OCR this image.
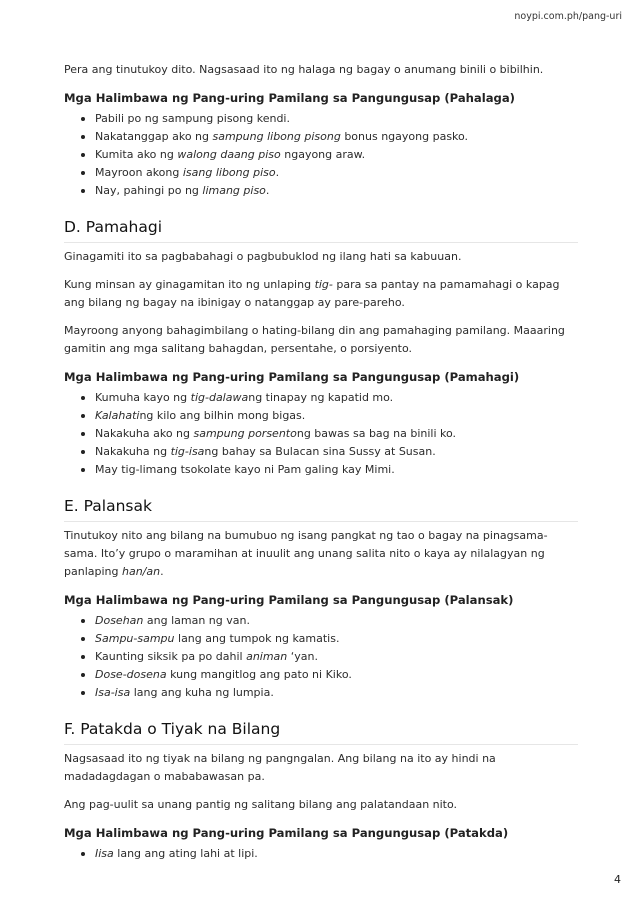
noypi.com.ph/pang-uri

Pera ang tinutukoy dito. Nagsasaad ito ng halaga ng bagay o anumang binili o bibilhin.

Mga Halimbawa ng Pang-uring Pamilang sa Pangungusap (Pahalaga)
Pabili po ng sampung pisong kendi.
Nakatanggap ako ng sampung libong pisong bonus ngayong pasko.
Kumita ako ng walong daang piso ngayong araw.
Mayroon akong isang libong piso.
Nay, pahingi po ng limang piso.
D. Pamahagi

Ginagamiti ito sa pagbabahagi o pagbubuklod ng ilang hati sa kabuuan.

Kung minsan ay ginagamitan ito ng unlaping tig- para sa pantay na pamamahagi o kapag ang bilang ng bagay na ibinigay o natanggap ay pare-pareho.

Mayroong anyong bahagimbilang o hating-bilang din ang pamahaging pamilang. Maaaring gamitin ang mga salitang bahagdan, persentahe, o porsiyento.

Mga Halimbawa ng Pang-uring Pamilang sa Pangungusap (Pamahagi)
Kumuha kayo ng tig-dalawang tinapay ng kapatid mo.
Kalahating kilo ang bilhin mong bigas.
Nakakuha ako ng sampung porsentong bawas sa bag na binili ko.
Nakakuha ng tig-isang bahay sa Bulacan sina Sussy at Susan.
May tig-limang tsokolate kayo ni Pam galing kay Mimi.
E. Palansak

Tinutukoy nito ang bilang na bumubuo ng isang pangkat ng tao o bagay na pinagsama-sama. Ito’y grupo o maramihan at inuulit ang unang salita nito o kaya ay nilalagyan ng panlaping han/an.

Mga Halimbawa ng Pang-uring Pamilang sa Pangungusap (Palansak)
Dosehan ang laman ng van.
Sampu-sampu lang ang tumpok ng kamatis.
Kaunting siksik pa po dahil animan ‘yan.
Dose-dosena kung mangitlog ang pato ni Kiko.
Isa-isa lang ang kuha ng lumpia.
F. Patakda o Tiyak na Bilang

Nagsasaad ito ng tiyak na bilang ng pangngalan. Ang bilang na ito ay hindi na madadagdagan o mababawasan pa.

Ang pag-uulit sa unang pantig ng salitang bilang ang palatandaan nito.

Mga Halimbawa ng Pang-uring Pamilang sa Pangungusap (Patakda)
Iisa lang ang ating lahi at lipi.
4
